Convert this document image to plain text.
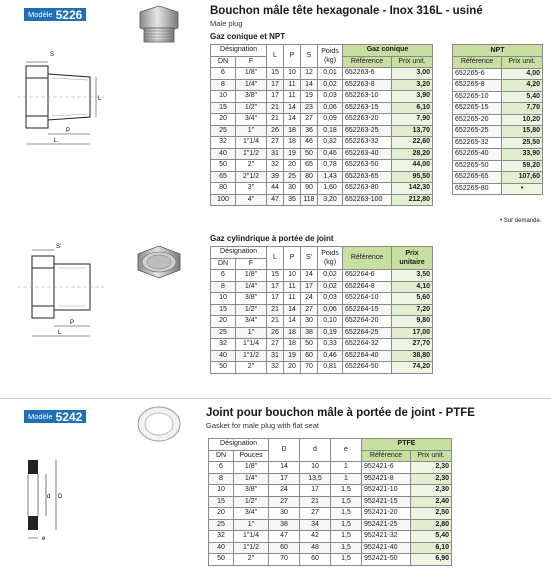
Modèle 5226	Bouchon mâle tête hexagonale - Inox 316L - usiné
Male plug
Gaz conique et NPT
S
L
P
L
Désignation		L	P	S	Poids (kg)	Gaz conique	
DN	F					Référence	Prix unit.
6	1/8"	15	10	12	0,01	652263-6	3,00
8	1/4"	17	11	14	0,02	652263-8	3,20
10	3/8"	17	11	19	0,03	652263-10	3,90
15	1/2"	21	14	23	0,06	652263-15	6,10
20	3/4"	21	14	27	0,09	652263-20	7,90
25	1"	26	18	36	0,18	652263-25	13,70
32	1"1/4	27	18	46	0,32	652263-32	22,60
40	1"1/2	31	19	50	0,46	652263-40	28,20
50	2"	32	20	65	0,78	652263-50	44,00
65	2"1/2	39	25	80	1,43	652263-65	95,50
80	3"	44	30	90	1,60	652263-80	142,30
100	4"	47	35	118	3,20	652263-100	212,80
NPT	
Référence	Prix unit.
652265-6	4,00
652265-8	4,20
652265-10	5,40
652265-15	7,70
652265-20	10,20
652265-25	15,80
652265-32	25,50
652265-40	33,90
652265-50	59,20
652265-65	107,60
652265-80	•
• Sur demande.
S'
P
L
Gaz cylindrique à portée de joint
Désignation		L	P	S'	Poids (kg)	Référence	Prix unitaire
DN	F						
6	1/8"	15	10	14	0,02	652264-6	3,50
8	1/4"	17	11	17	0,02	652264-8	4,10
10	3/8"	17	11	24	0,03	652264-10	5,60
15	1/2"	21	14	27	0,06	652264-15	7,20
20	3/4"	21	14	30	0,10	652264-20	9,80
25	1"	26	18	38	0,19	652264-25	17,00
32	1"1/4	27	18	50	0,33	652264-32	27,70
40	1"1/2	31	19	60	0,46	652264-40	38,80
50	2"	32	20	70	0,81	652264-50	74,20
Modèle 5242	Joint pour bouchon mâle à portée de joint - PTFE
Gasket for male plug with flat seat
d D
e
Désignation		D	d	e	PTFE	
DN	Pouces				Référence	Prix unit.
6	1/8"	14	10	1	952421-6	2,30
8	1/4"	17	13,5	1	952421-8	2,30
10	3/8"	24	17	1,5	952421-10	2,30
15	1/2"	27	21	1,5	952421-15	2,40
20	3/4"	30	27	1,5	952421-20	2,50
25	1"	38	34	1,5	952421-25	2,80
32	1"1/4	47	42	1,5	952421-32	5,40
40	1"1/2	60	48	1,5	952421-40	6,10
50	2"	70	60	1,5	952421-50	6,90
